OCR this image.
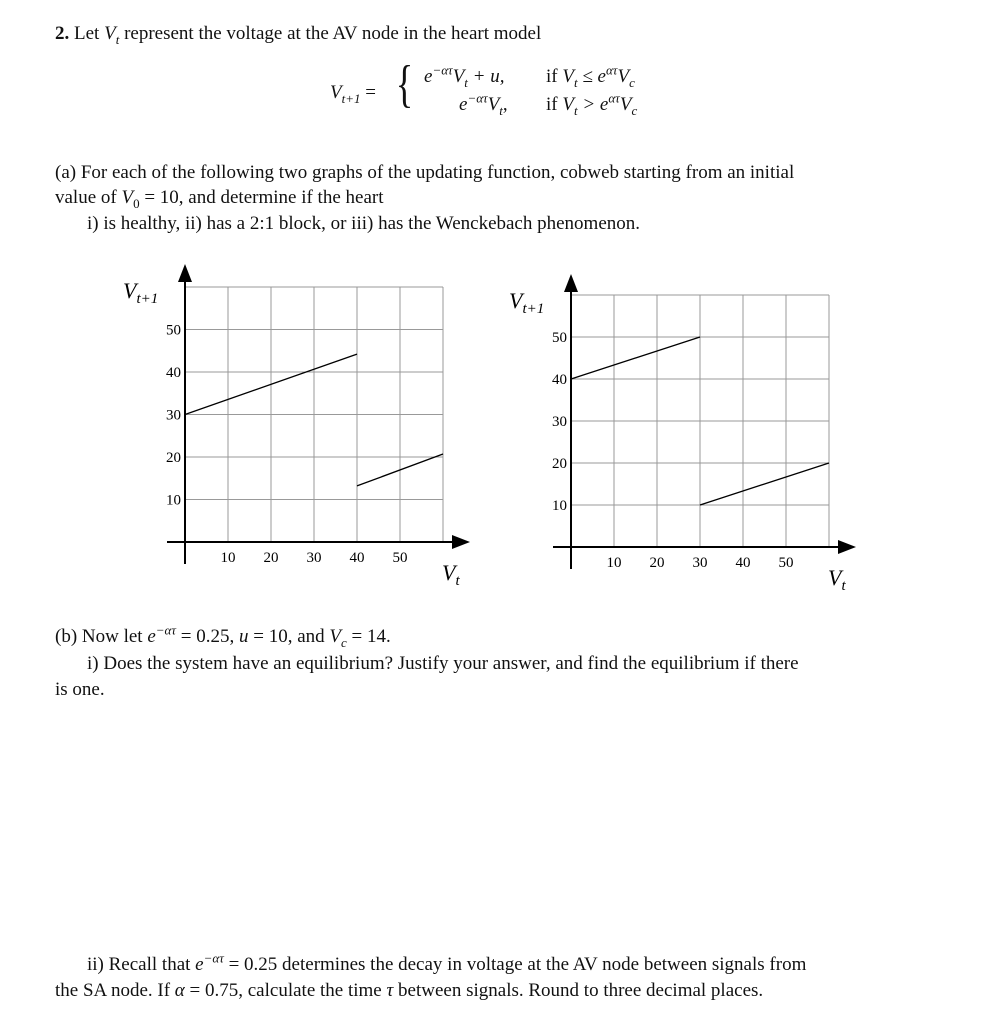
2. Let $V_t$ represent the voltage at the AV node in the heart model
$V_{t+1}$ = { $e^{-\alpha\tau}V_t + u$, if $V_t \le e^{\alpha\tau}V_c$
$e^{-\alpha\tau}V_t$, if $V_t > e^{\alpha\tau}V_c$
(a) For each of the following two graphs of the updating function, cobweb starting from an initial
value of $V_0 = 10$, and determine if the heart
i) is healthy, ii) has a 2:1 block, or iii) has the Wenckebach phenomenon.
10 20 30 40 50
10
20
30
40
50
$V_{t+1}$
$V_t$
10 20 30 40 50
10
20
30
40
50
$V_{t+1}$
$V_t$
(b) Now let $e^{-\alpha\tau} = 0.25$, u = 10, and $V_c = 14$.
i) Does the system have an equilibrium? Justify your answer, and find the equilibrium if there
is one.
ii) Recall that $e^{-\alpha\tau} = 0.25$ determines the decay in voltage at the AV node between signals from
the SA node. If α = 0.75, calculate the time τ between signals. Round to three decimal places.
